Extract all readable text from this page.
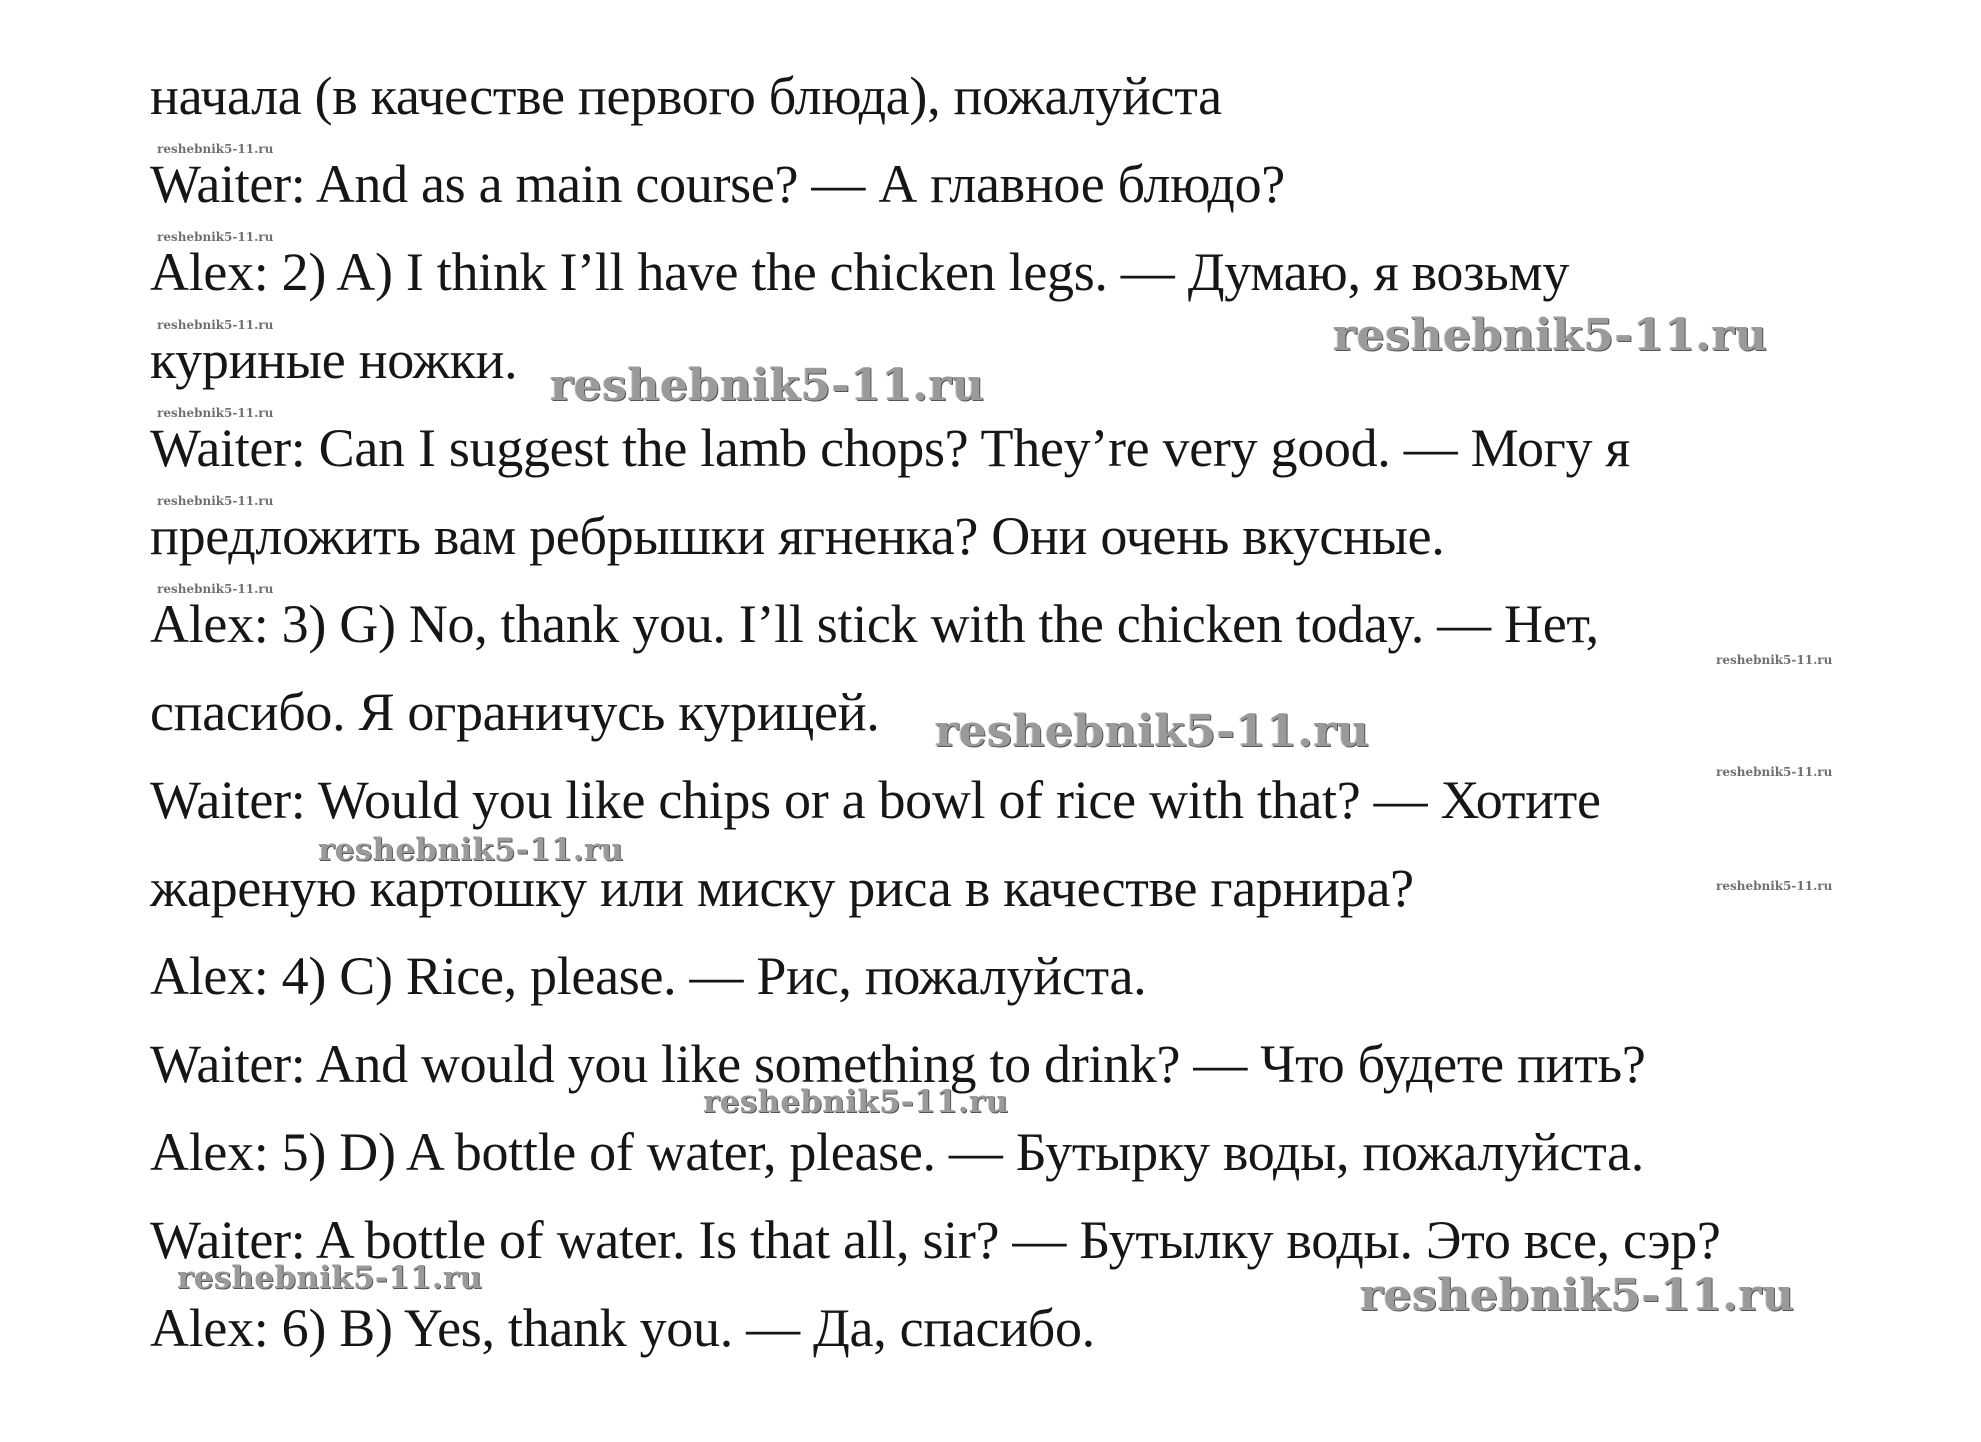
начала (в качестве первого блюда), пожалуйста

reshebnik5-11.ru

Waiter: And as a main course? — А главное блюдо?

reshebnik5-11.ru

Alex: 2) A) I think I’ll have the chicken legs. — Думаю, я возьму

reshebnik5-11.ru	reshebnik5-11.ru

куриные ножки. reshebnik5-11.ru
reshebnik5-11.ru

Waiter: Can I suggest the lamb chops? They’re very good. — Могу я

reshebnik5-11.ru

предложить вам ребрышки ягненка? Они очень вкусные.

reshebnik5-11.ru

Alex: 3) G) No, thank you. I’ll stick with the chicken today. — Нет,

reshebnik5-11.ru

спасибо. Я ограничусь курицей. reshebnik5-11.ru
reshebnik5-11.ru

Waiter: Would you like chips or a bowl of rice with that? — Хотите

reshebnik5-11.ru

жареную картошку или миску риса в качестве гарнира?	reshebnik5-11.ru

Alex: 4) C) Rice, please. — Рис, пожалуйста.

Waiter: And would you like something to drink? — Что будете пить?

reshebnik5-11.ru

Alex: 5) D) A bottle of water, please. — Бутырку воды, пожалуйста.

Waiter: A bottle of water. Is that all, sir? — Бутылку воды. Это все, сэр?

reshebnik5-11.ru	reshebnik5-11.ru

Alex: 6) B) Yes, thank you. — Да, спасибо.
